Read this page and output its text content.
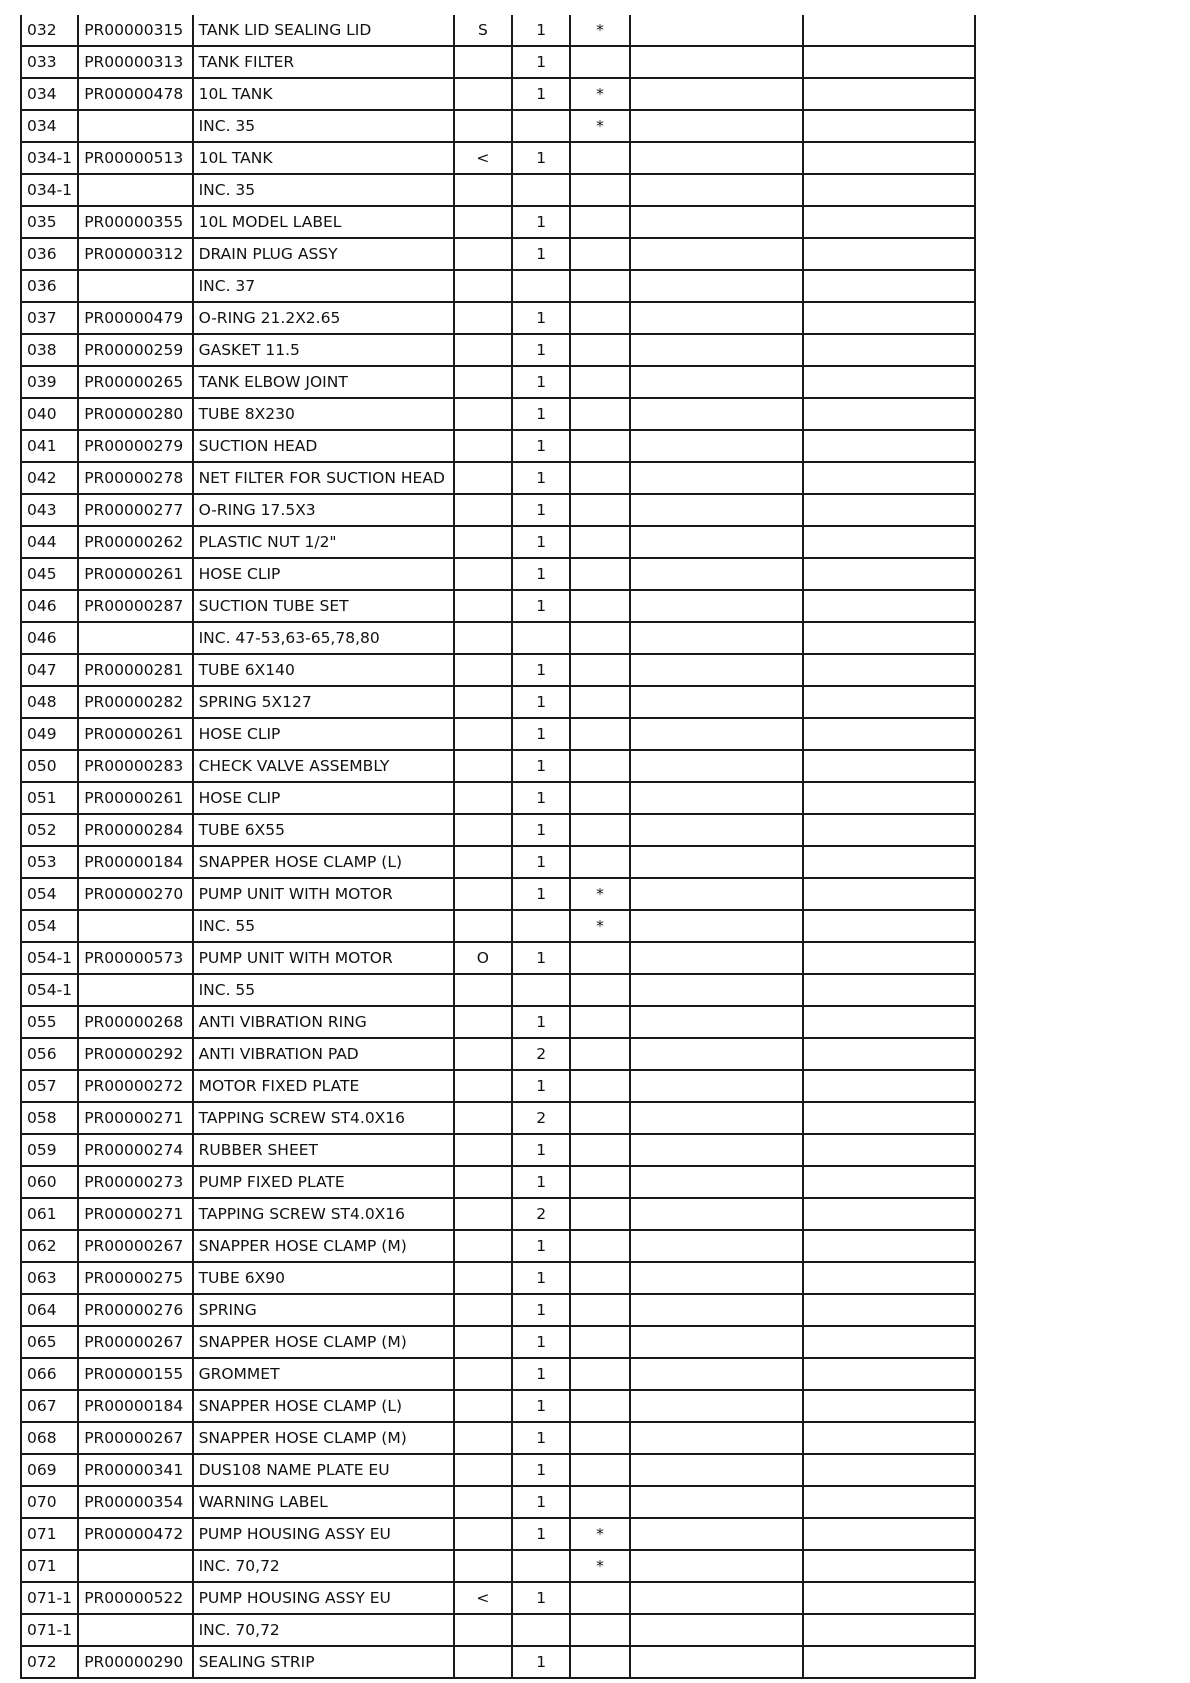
032	PR00000315	TANK LID SEALING LID	S	1	*		
033	PR00000313	TANK FILTER		1			
034	PR00000478	10L TANK		1	*		
034		INC. 35			*		
034-1	PR00000513	10L TANK	<	1			
034-1		INC. 35					
035	PR00000355	10L MODEL LABEL		1			
036	PR00000312	DRAIN PLUG ASSY		1			
036		INC. 37					
037	PR00000479	O-RING 21.2X2.65		1			
038	PR00000259	GASKET 11.5		1			
039	PR00000265	TANK ELBOW JOINT		1			
040	PR00000280	TUBE 8X230		1			
041	PR00000279	SUCTION HEAD		1			
042	PR00000278	NET FILTER FOR SUCTION HEAD		1			
043	PR00000277	O-RING 17.5X3		1			
044	PR00000262	PLASTIC NUT 1/2"		1			
045	PR00000261	HOSE CLIP		1			
046	PR00000287	SUCTION TUBE SET		1			
046		INC. 47-53,63-65,78,80					
047	PR00000281	TUBE 6X140		1			
048	PR00000282	SPRING 5X127		1			
049	PR00000261	HOSE CLIP		1			
050	PR00000283	CHECK VALVE ASSEMBLY		1			
051	PR00000261	HOSE CLIP		1			
052	PR00000284	TUBE 6X55		1			
053	PR00000184	SNAPPER HOSE CLAMP (L)		1			
054	PR00000270	PUMP UNIT WITH MOTOR		1	*		
054		INC. 55			*		
054-1	PR00000573	PUMP UNIT WITH MOTOR	O	1			
054-1		INC. 55					
055	PR00000268	ANTI VIBRATION RING		1			
056	PR00000292	ANTI VIBRATION PAD		2			
057	PR00000272	MOTOR FIXED PLATE		1			
058	PR00000271	TAPPING SCREW ST4.0X16		2			
059	PR00000274	RUBBER SHEET		1			
060	PR00000273	PUMP FIXED PLATE		1			
061	PR00000271	TAPPING SCREW ST4.0X16		2			
062	PR00000267	SNAPPER HOSE CLAMP (M)		1			
063	PR00000275	TUBE 6X90		1			
064	PR00000276	SPRING		1			
065	PR00000267	SNAPPER HOSE CLAMP (M)		1			
066	PR00000155	GROMMET		1			
067	PR00000184	SNAPPER HOSE CLAMP (L)		1			
068	PR00000267	SNAPPER HOSE CLAMP (M)		1			
069	PR00000341	DUS108 NAME PLATE EU		1			
070	PR00000354	WARNING LABEL		1			
071	PR00000472	PUMP HOUSING ASSY EU		1	*		
071		INC. 70,72			*		
071-1	PR00000522	PUMP HOUSING ASSY EU	<	1			
071-1		INC. 70,72					
072	PR00000290	SEALING STRIP		1			
